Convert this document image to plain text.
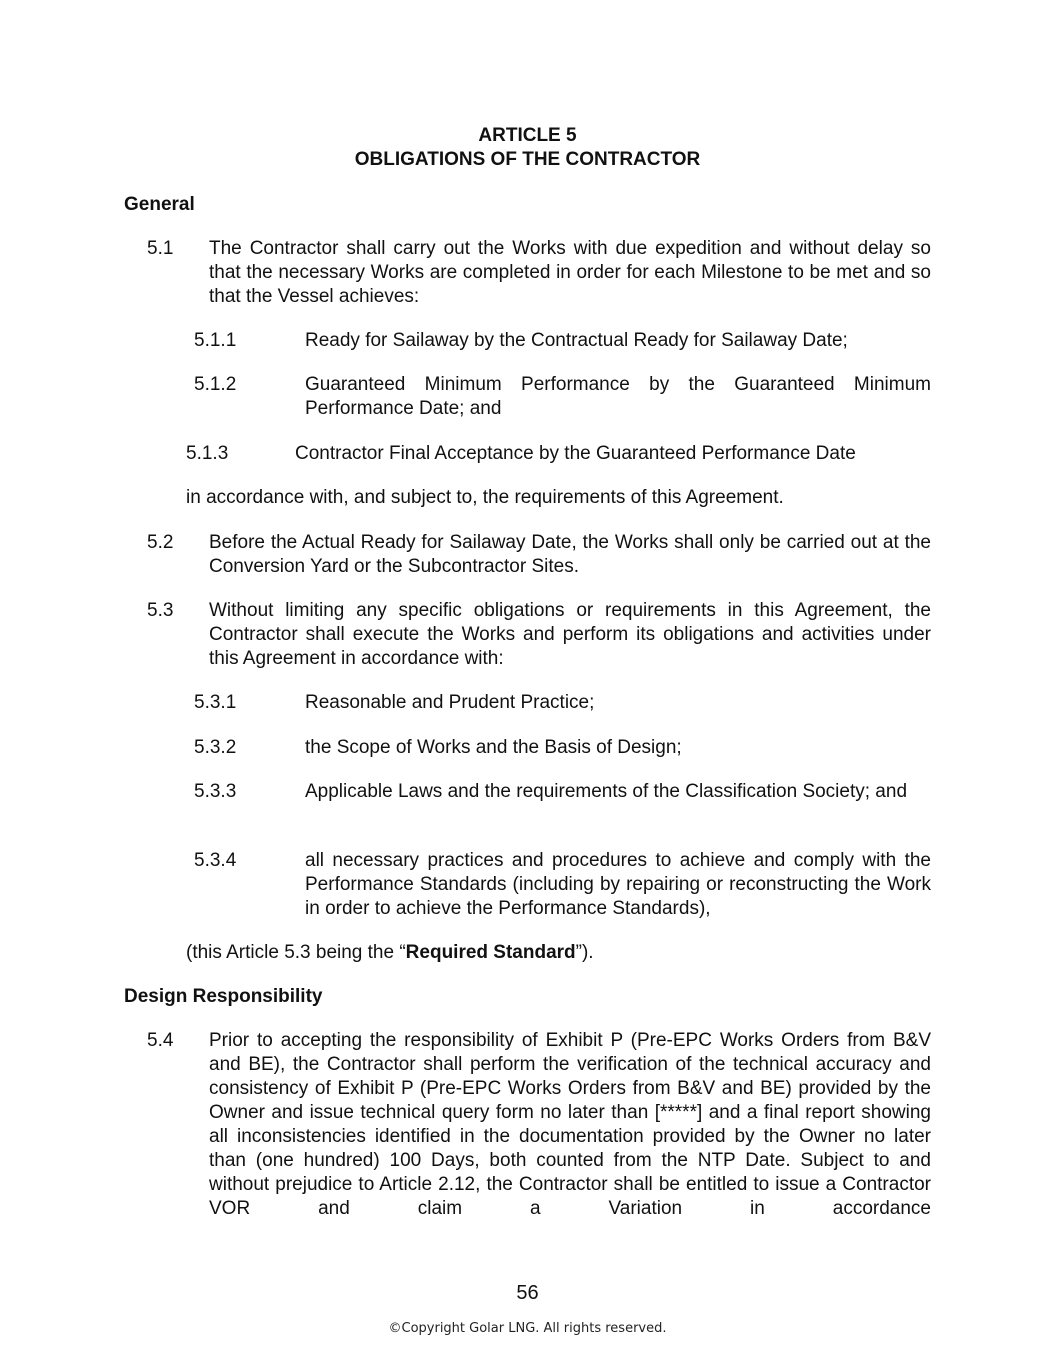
ARTICLE 5

OBLIGATIONS OF THE CONTRACTOR

General

5.1 The Contractor shall carry out the Works with due expedition and without delay so that the necessary Works are completed in order for each Milestone to be met and so that the Vessel achieves:

5.1.1	Ready for Sailaway by the Contractual Ready for Sailaway Date;

5.1.2	Guaranteed Minimum Performance by the Guaranteed Minimum Performance Date; and

5.1.3	Contractor Final Acceptance by the Guaranteed Performance Date

in accordance with, and subject to, the requirements of this Agreement.

5.2 Before the Actual Ready for Sailaway Date, the Works shall only be carried out at the Conversion Yard or the Subcontractor Sites.

5.3 Without limiting any specific obligations or requirements in this Agreement, the Contractor shall execute the Works and perform its obligations and activities under this Agreement in accordance with:

5.3.1	Reasonable and Prudent Practice;

5.3.2	the Scope of Works and the Basis of Design;

5.3.3	Applicable Laws and the requirements of the Classification Society; and

5.3.4	all necessary practices and procedures to achieve and comply with the Performance Standards (including by repairing or reconstructing the Work in order to achieve the Performance Standards),

(this Article 5.3 being the “Required Standard”).

Design Responsibility

5.4 Prior to accepting the responsibility of Exhibit P (Pre-EPC Works Orders from B&V and BE), the Contractor shall perform the verification of the technical accuracy and consistency of Exhibit P (Pre-EPC Works Orders from B&V and BE) provided by the Owner and issue technical query form no later than [*****] and a final report showing all inconsistencies identified in the documentation provided by the Owner no later than (one hundred) 100 Days, both counted from the NTP Date. Subject to and without prejudice to Article 2.12, the Contractor shall be entitled to issue a Contractor VOR and claim a Variation in accordance

56

©Copyright Golar LNG. All rights reserved.
